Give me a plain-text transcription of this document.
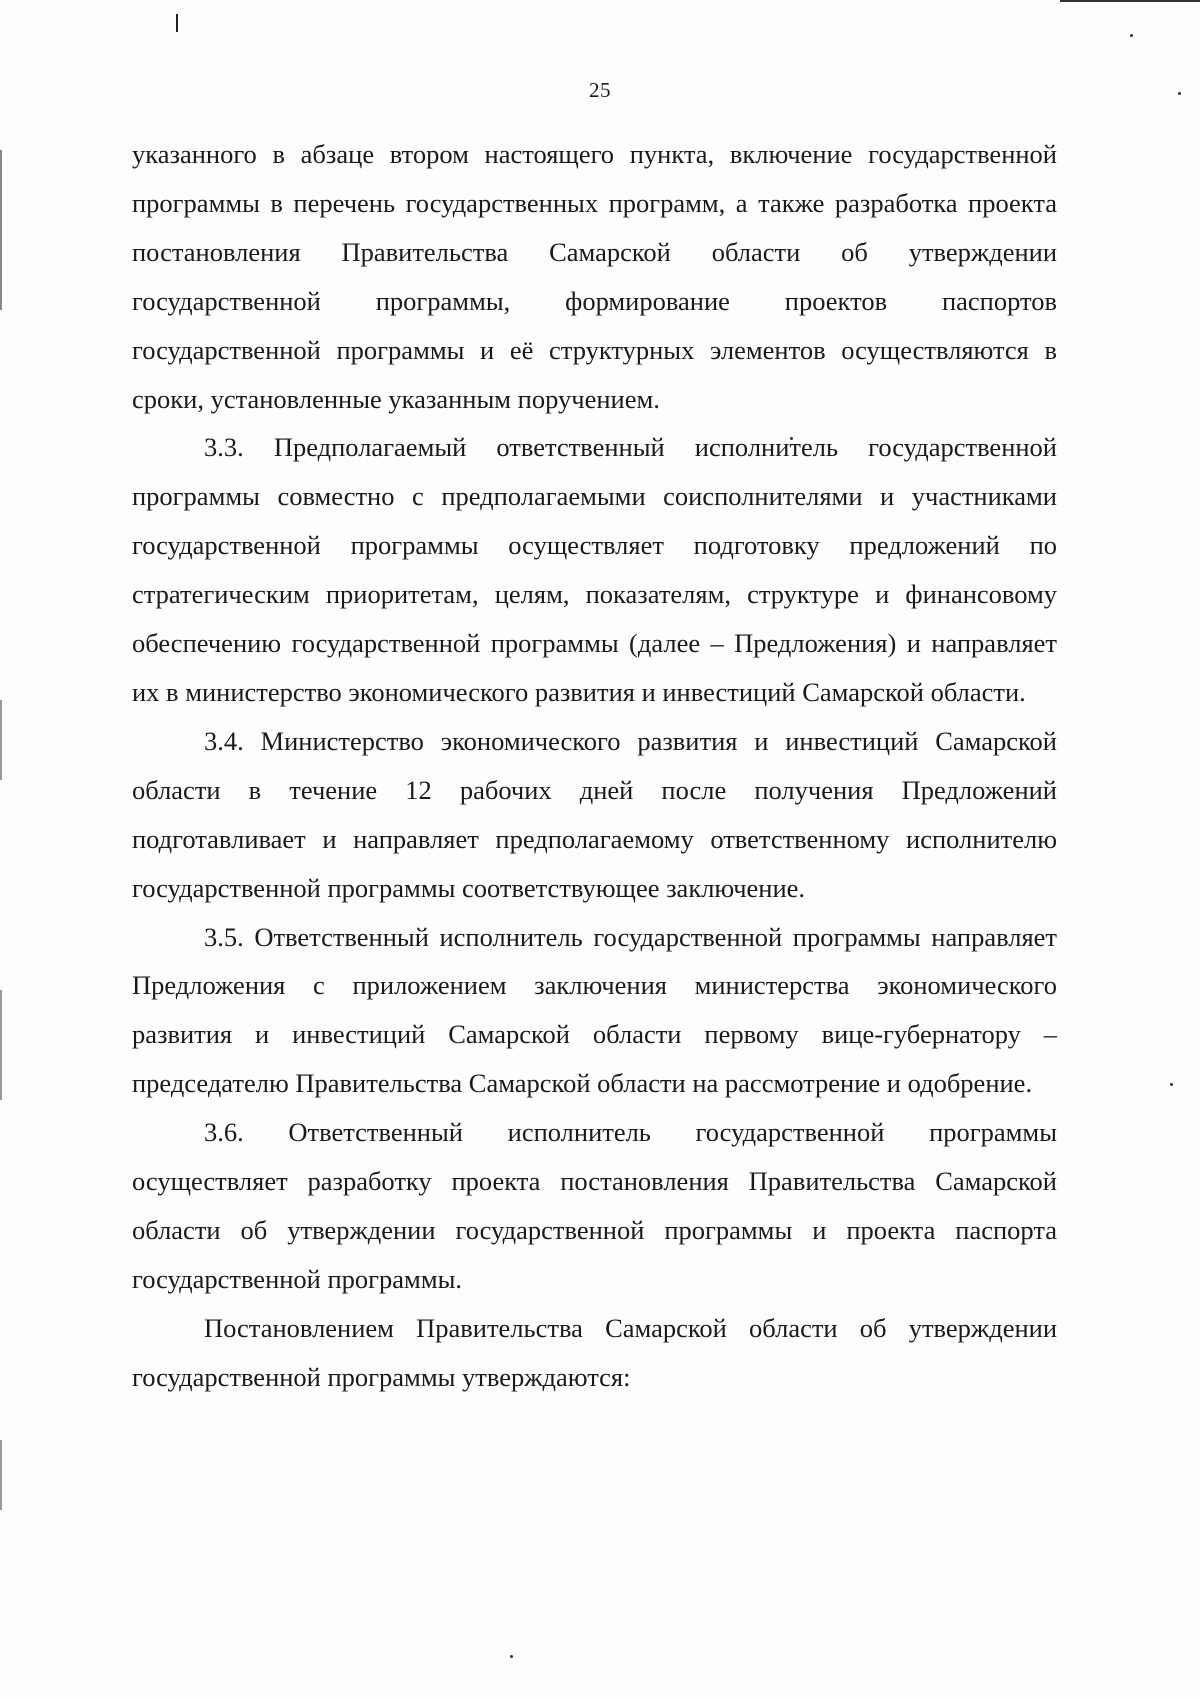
25

указанного в абзаце втором настоящего пункта, включение государственной программы в перечень государственных программ, а также разработка проекта постановления Правительства Самарской области об утверждении государственной программы, формирование проектов паспортов государственной программы и её структурных элементов осуществляются в сроки, установленные указанным поручением.

3.3. Предполагаемый ответственный исполнитель государственной программы совместно с предполагаемыми соисполнителями и участниками государственной программы осуществляет подготовку предложений по стратегическим приоритетам, целям, показателям, структуре и финансовому обеспечению государственной программы (далее – Предложения) и направляет их в министерство экономического развития и инвестиций Самарской области.

3.4. Министерство экономического развития и инвестиций Самарской области в течение 12 рабочих дней после получения Предложений подготавливает и направляет предполагаемому ответственному исполнителю государственной программы соответствующее заключение.

3.5. Ответственный исполнитель государственной программы направляет Предложения с приложением заключения министерства экономического развития и инвестиций Самарской области первому вице-губернатору – председателю Правительства Самарской области на рассмотрение и одобрение.

3.6. Ответственный исполнитель государственной программы осуществляет разработку проекта постановления Правительства Самарской области об утверждении государственной программы и проекта паспорта государственной программы.

Постановлением Правительства Самарской области об утверждении государственной программы утверждаются:
